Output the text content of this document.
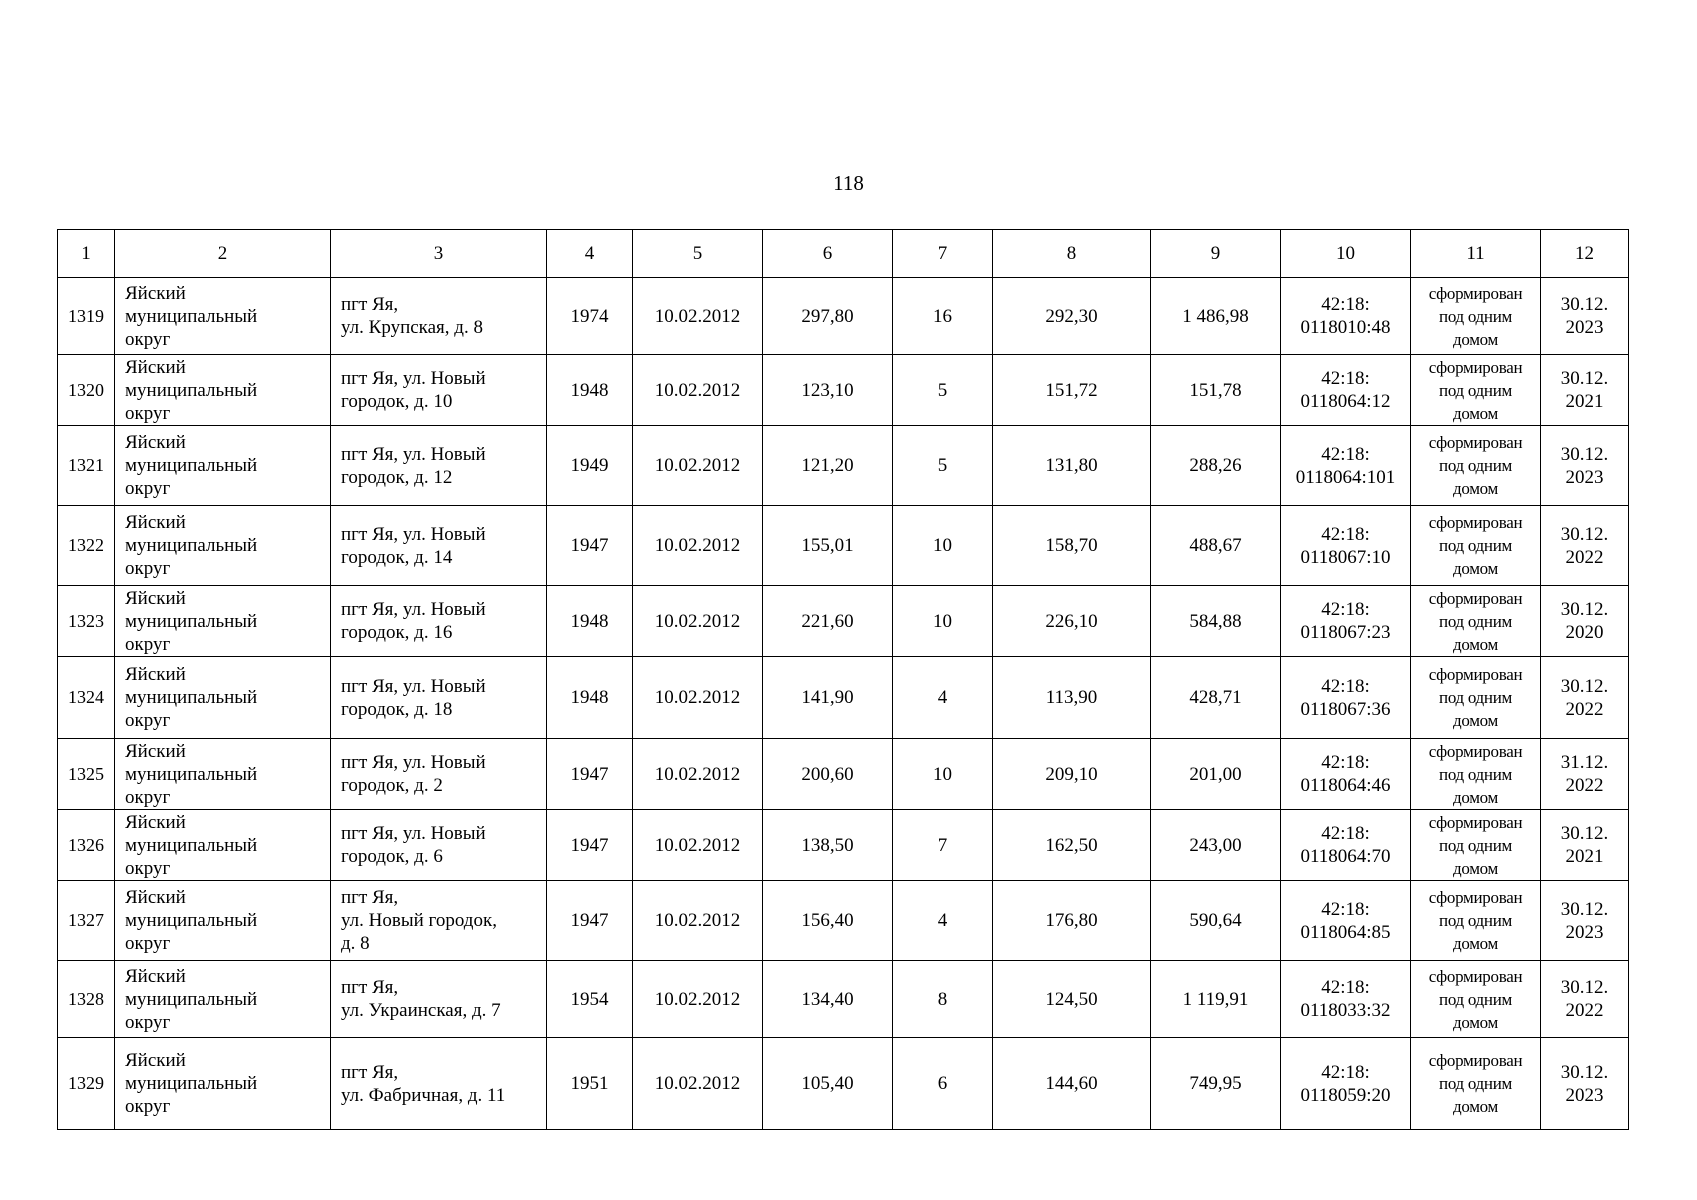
118
1	2	3	4	5	6	7	8	9	10	11	12
1319	Яйский
муниципальный
округ	пгт Яя,
ул. Крупская, д. 8	1974	10.02.2012	297,80	16	292,30	1 486,98	42:18:
0118010:48	сформирован
под одним
домом	30.12.
2023
1320	Яйский
муниципальный
округ	пгт Яя, ул. Новый
городок, д. 10	1948	10.02.2012	123,10	5	151,72	151,78	42:18:
0118064:12	сформирован
под одним
домом	30.12.
2021
1321	Яйский
муниципальный
округ	пгт Яя, ул. Новый
городок, д. 12	1949	10.02.2012	121,20	5	131,80	288,26	42:18:
0118064:101	сформирован
под одним
домом	30.12.
2023
1322	Яйский
муниципальный
округ	пгт Яя, ул. Новый
городок, д. 14	1947	10.02.2012	155,01	10	158,70	488,67	42:18:
0118067:10	сформирован
под одним
домом	30.12.
2022
1323	Яйский
муниципальный
округ	пгт Яя, ул. Новый
городок, д. 16	1948	10.02.2012	221,60	10	226,10	584,88	42:18:
0118067:23	сформирован
под одним
домом	30.12.
2020
1324	Яйский
муниципальный
округ	пгт Яя, ул. Новый
городок, д. 18	1948	10.02.2012	141,90	4	113,90	428,71	42:18:
0118067:36	сформирован
под одним
домом	30.12.
2022
1325	Яйский
муниципальный
округ	пгт Яя, ул. Новый
городок, д. 2	1947	10.02.2012	200,60	10	209,10	201,00	42:18:
0118064:46	сформирован
под одним
домом	31.12.
2022
1326	Яйский
муниципальный
округ	пгт Яя, ул. Новый
городок, д. 6	1947	10.02.2012	138,50	7	162,50	243,00	42:18:
0118064:70	сформирован
под одним
домом	30.12.
2021
1327	Яйский
муниципальный
округ	пгт Яя,
ул. Новый городок,
д. 8	1947	10.02.2012	156,40	4	176,80	590,64	42:18:
0118064:85	сформирован
под одним
домом	30.12.
2023
1328	Яйский
муниципальный
округ	пгт Яя,
ул. Украинская, д. 7	1954	10.02.2012	134,40	8	124,50	1 119,91	42:18:
0118033:32	сформирован
под одним
домом	30.12.
2022
1329	Яйский
муниципальный
округ	пгт Яя,
ул. Фабричная, д. 11	1951	10.02.2012	105,40	6	144,60	749,95	42:18:
0118059:20	сформирован
под одним
домом	30.12.
2023
